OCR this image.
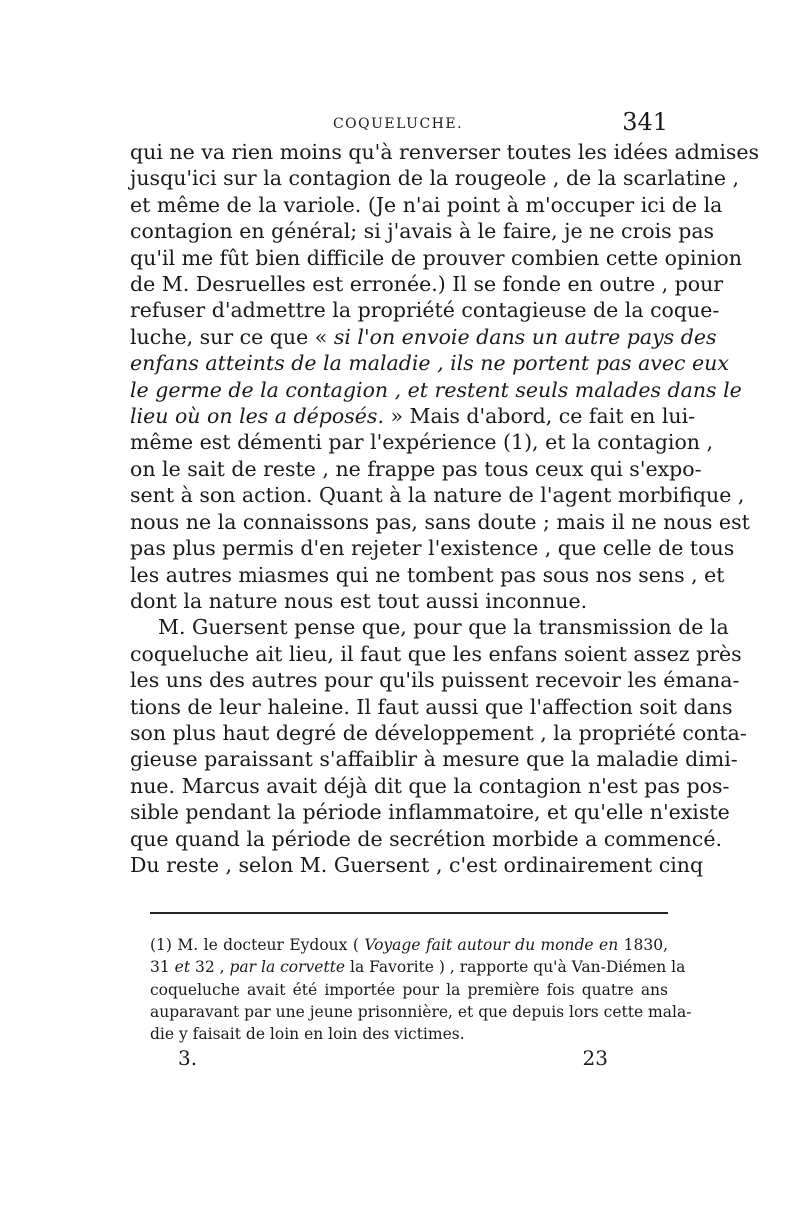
COQUELUCHE.	341
qui ne va rien moins qu'à renverser toutes les idées admises
jusqu'ici sur la contagion de la rougeole , de la scarlatine ,
et même de la variole. (Je n'ai point à m'occuper ici de la
contagion en général; si j'avais à le faire, je ne crois pas
qu'il me fût bien difficile de prouver combien cette opinion
de M. Desruelles est erronée.) Il se fonde en outre , pour
refuser d'admettre la propriété contagieuse de la coque-
luche, sur ce que « si l'on envoie dans un autre pays des
enfans atteints de la maladie , ils ne portent pas avec eux
le germe de la contagion , et restent seuls malades dans le
lieu où on les a déposés. » Mais d'abord, ce fait en lui-
même est démenti par l'expérience (1), et la contagion ,
on le sait de reste , ne frappe pas tous ceux qui s'expo-
sent à son action. Quant à la nature de l'agent morbifique ,
nous ne la connaissons pas, sans doute ; mais il ne nous est
pas plus permis d'en rejeter l'existence , que celle de tous
les autres miasmes qui ne tombent pas sous nos sens , et
dont la nature nous est tout aussi inconnue.
M. Guersent pense que, pour que la transmission de la
coqueluche ait lieu, il faut que les enfans soient assez près
les uns des autres pour qu'ils puissent recevoir les émana-
tions de leur haleine. Il faut aussi que l'affection soit dans
son plus haut degré de développement , la propriété conta-
gieuse paraissant s'affaiblir à mesure que la maladie dimi-
nue. Marcus avait déjà dit que la contagion n'est pas pos-
sible pendant la période inflammatoire, et qu'elle n'existe
que quand la période de secrétion morbide a commencé.
Du reste , selon M. Guersent , c'est ordinairement cinq
(1) M. le docteur Eydoux ( Voyage fait autour du monde en 1830,
31 et 32 , par la corvette la Favorite ) , rapporte qu'à Van-Diémen la
coqueluche avait été importée pour la première fois quatre ans
auparavant par une jeune prisonnière, et que depuis lors cette mala-
die y faisait de loin en loin des victimes.
3.	23
